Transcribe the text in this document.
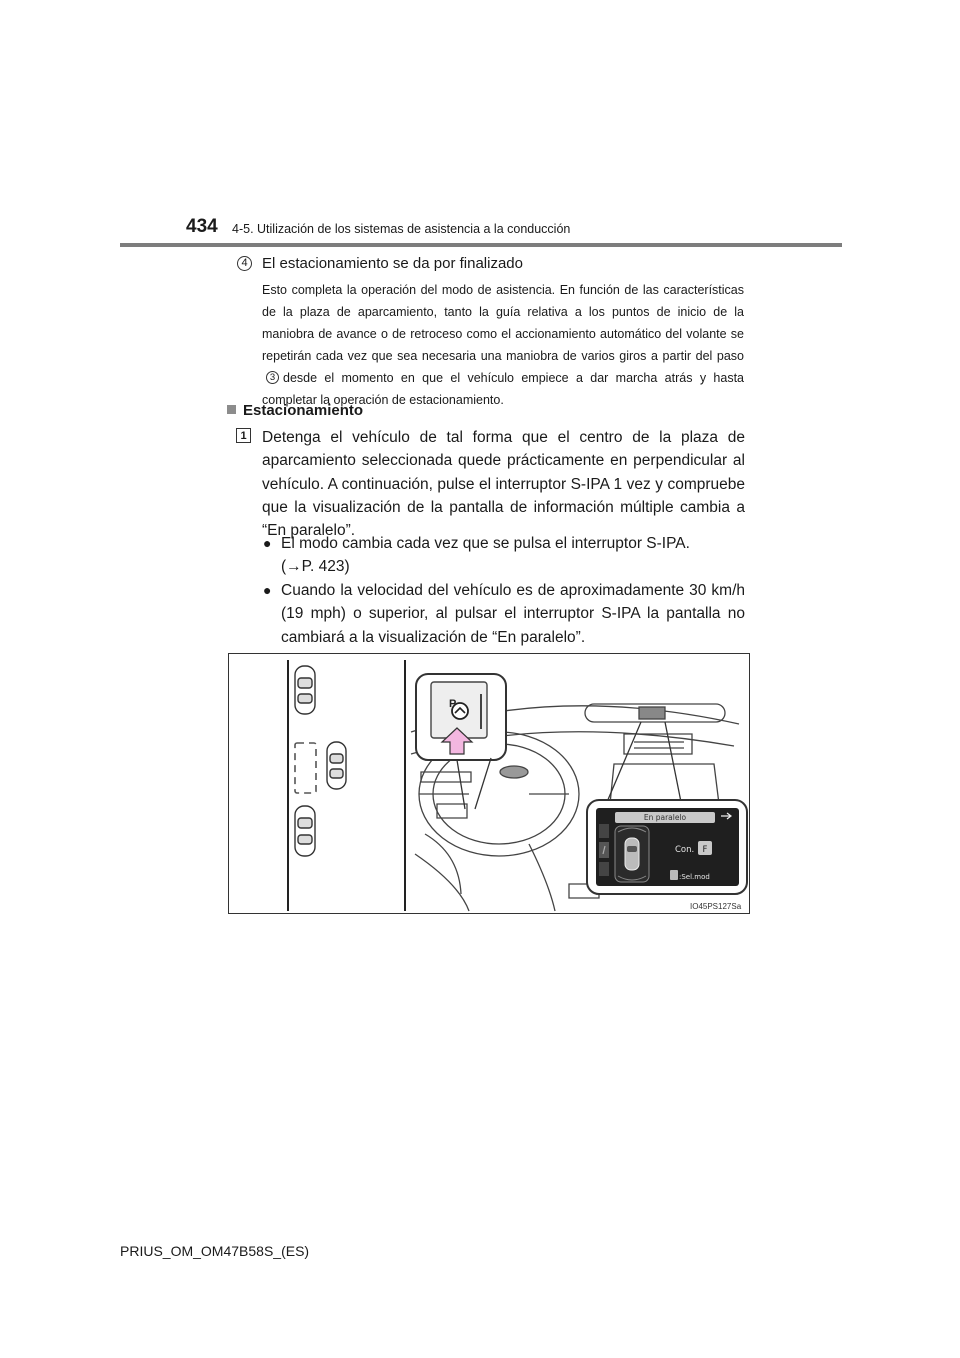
434 4-5. Utilización de los sistemas de asistencia a la conducción
4 El estacionamiento se da por finalizado
Esto completa la operación del modo de asistencia. En función de las características de la plaza de aparcamiento, tanto la guía relativa a los puntos de inicio de la maniobra de avance o de retroceso como el accionamiento automático del volante se repetirán cada vez que sea necesaria una maniobra de varios giros a partir del paso3 desde el momento en que el vehículo empiece a dar marcha atrás y hasta completar la operación de estacionamiento.
Estacionamiento
1 Detenga el vehículo de tal forma que el centro de la plaza de aparcamiento seleccionada quede prácticamente en perpendicular al vehículo. A continuación, pulse el interruptor S-IPA 1 vez y compruebe que la visualización de la pantalla de información múltiple cambia a “En paralelo”.
● El modo cambia cada vez que se pulsa el interruptor S-IPA.
(→P. 423)
● Cuando la velocidad del vehículo es de aproximadamente 30 km/h (19 mph) o superior, al pulsar el interruptor S-IPA la pantalla no cambiará a la visualización de “En paralelo”.
P
En paralelo
Con. F
:Sel.mod
IO45PS127Sa
PRIUS_OM_OM47B58S_(ES)
